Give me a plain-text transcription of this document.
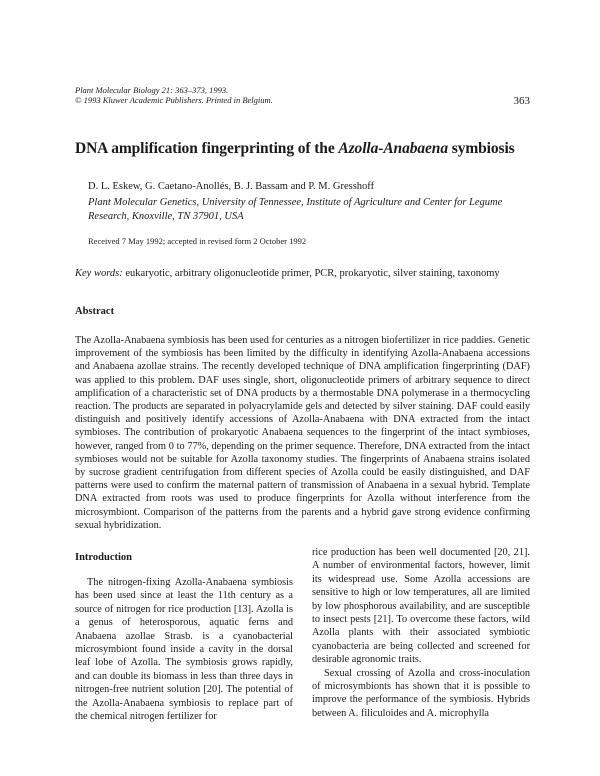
Plant Molecular Biology 21: 363–373, 1993.
© 1993 Kluwer Academic Publishers. Printed in Belgium.	363
DNA amplification fingerprinting of the Azolla-Anabaena symbiosis
D. L. Eskew, G. Caetano-Anollés, B. J. Bassam and P. M. Gresshoff
Plant Molecular Genetics, University of Tennessee, Institute of Agriculture and Center for Legume Research, Knoxville, TN 37901, USA
Received 7 May 1992; accepted in revised form 2 October 1992
Key words: eukaryotic, arbitrary oligonucleotide primer, PCR, prokaryotic, silver staining, taxonomy
Abstract
The Azolla-Anabaena symbiosis has been used for centuries as a nitrogen biofertilizer in rice paddies. Genetic improvement of the symbiosis has been limited by the difficulty in identifying Azolla-Anabaena accessions and Anabaena azollae strains. The recently developed technique of DNA amplification fingerprinting (DAF) was applied to this problem. DAF uses single, short, oligonucleotide primers of arbitrary sequence to direct amplification of a characteristic set of DNA products by a thermostable DNA polymerase in a thermocycling reaction. The products are separated in polyacrylamide gels and detected by silver staining. DAF could easily distinguish and positively identify accessions of Azolla-Anabaena with DNA extracted from the intact symbioses. The contribution of prokaryotic Anabaena sequences to the fingerprint of the intact symbioses, however, ranged from 0 to 77%, depending on the primer sequence. Therefore, DNA extracted from the intact symbioses would not be suitable for Azolla taxonomy studies. The fingerprints of Anabaena strains isolated by sucrose gradient centrifugation from different species of Azolla could be easily distinguished, and DAF patterns were used to confirm the maternal pattern of transmission of Anabaena in a sexual hybrid. Template DNA extracted from roots was used to produce fingerprints for Azolla without interference from the microsymbiont. Comparison of the patterns from the parents and a hybrid gave strong evidence confirming sexual hybridization.
Introduction

The nitrogen-fixing Azolla-Anabaena symbiosis has been used since at least the 11th century as a source of nitrogen for rice production [13]. Azolla is a genus of heterosporous, aquatic ferns and Anabaena azollae Strasb. is a cyanobacterial microsymbiont found inside a cavity in the dorsal leaf lobe of Azolla. The symbiosis grows rapidly, and can double its biomass in less than three days in nitrogen-free nutrient solution [20]. The potential of the Azolla-Anabaena symbiosis to replace part of the chemical nitrogen fertilizer for

rice production has been well documented [20, 21]. A number of environmental factors, however, limit its widespread use. Some Azolla accessions are sensitive to high or low temperatures, all are limited by low phosphorous availability, and are susceptible to insect pests [21]. To overcome these factors, wild Azolla plants with their associated symbiotic cyanobacteria are being collected and screened for desirable agronomic traits.

Sexual crossing of Azolla and cross-inoculation of microsymbionts has shown that it is possible to improve the performance of the symbiosis. Hybrids between A. filiculoides and A. microphylla
